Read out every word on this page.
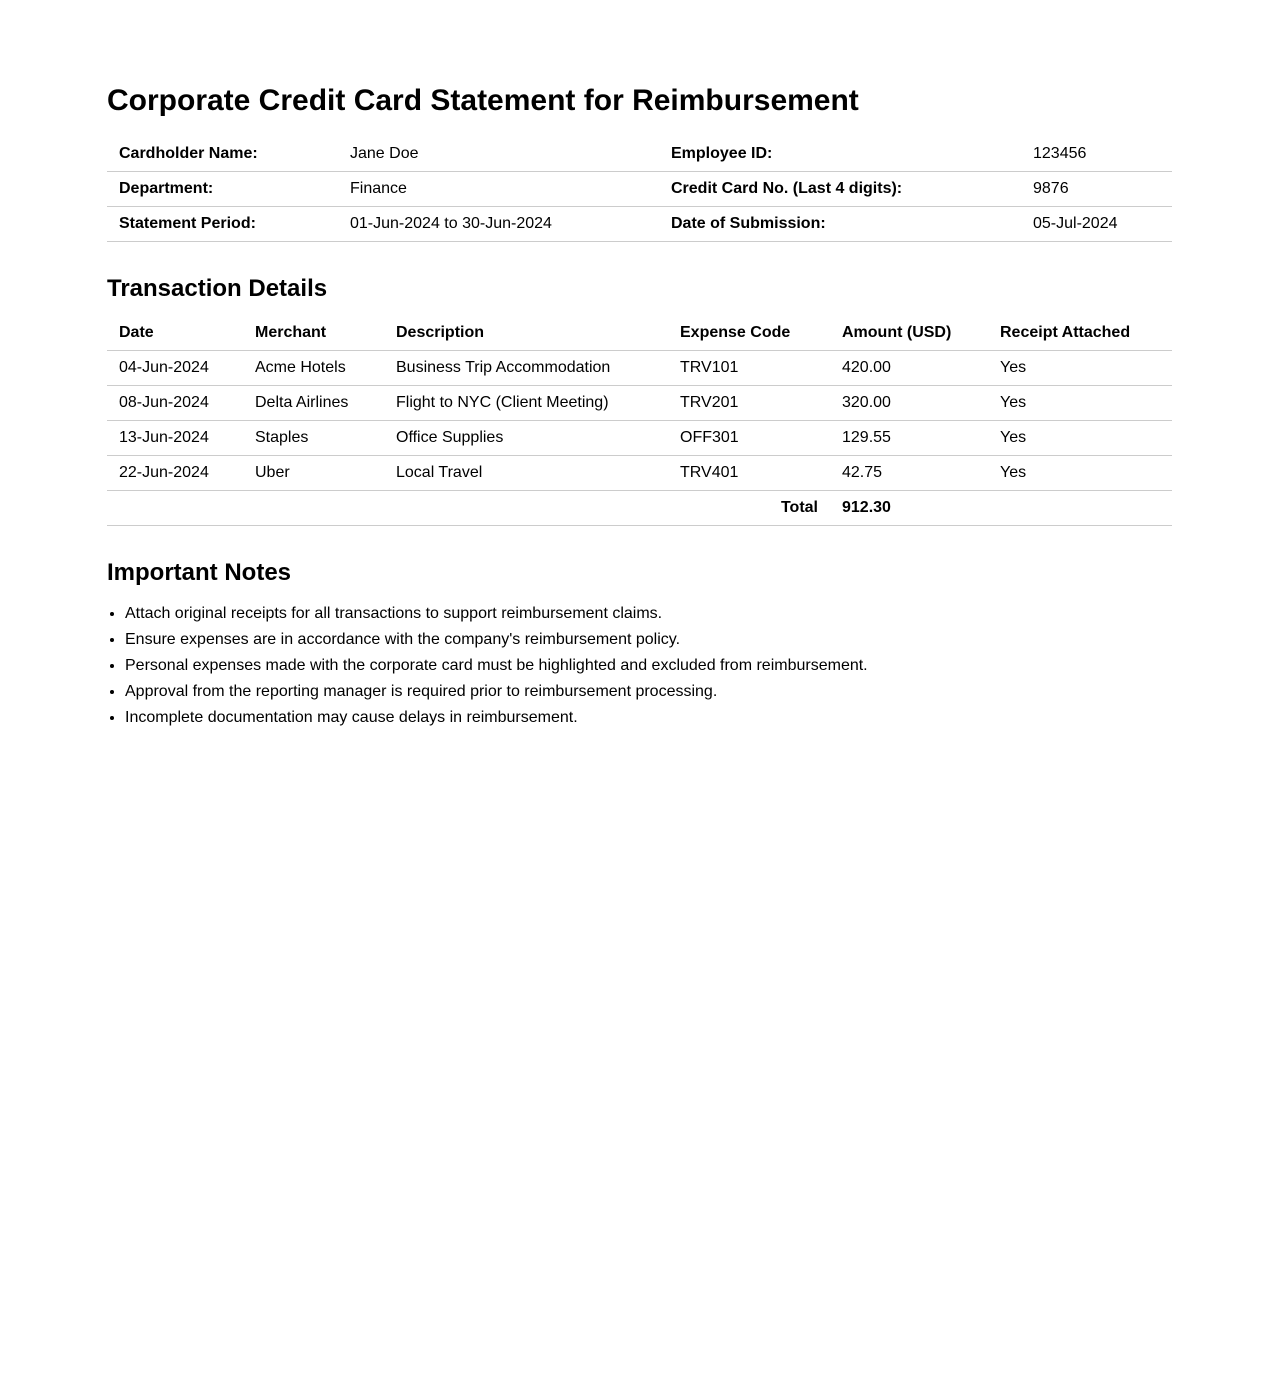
Corporate Credit Card Statement for Reimbursement
Cardholder Name:	Jane Doe	Employee ID:	123456
Department:	Finance	Credit Card No. (Last 4 digits):	9876
Statement Period:	01-Jun-2024 to 30-Jun-2024	Date of Submission:	05-Jul-2024
Transaction Details
Date	Merchant	Description	Expense Code	Amount (USD)	Receipt Attached
04-Jun-2024	Acme Hotels	Business Trip Accommodation	TRV101	420.00	Yes
08-Jun-2024	Delta Airlines	Flight to NYC (Client Meeting)	TRV201	320.00	Yes
13-Jun-2024	Staples	Office Supplies	OFF301	129.55	Yes
22-Jun-2024	Uber	Local Travel	TRV401	42.75	Yes
Total				912.30	
Important Notes
• Attach original receipts for all transactions to support reimbursement claims.
• Ensure expenses are in accordance with the company's reimbursement policy.
• Personal expenses made with the corporate card must be highlighted and excluded from reimbursement.
• Approval from the reporting manager is required prior to reimbursement processing.
• Incomplete documentation may cause delays in reimbursement.
